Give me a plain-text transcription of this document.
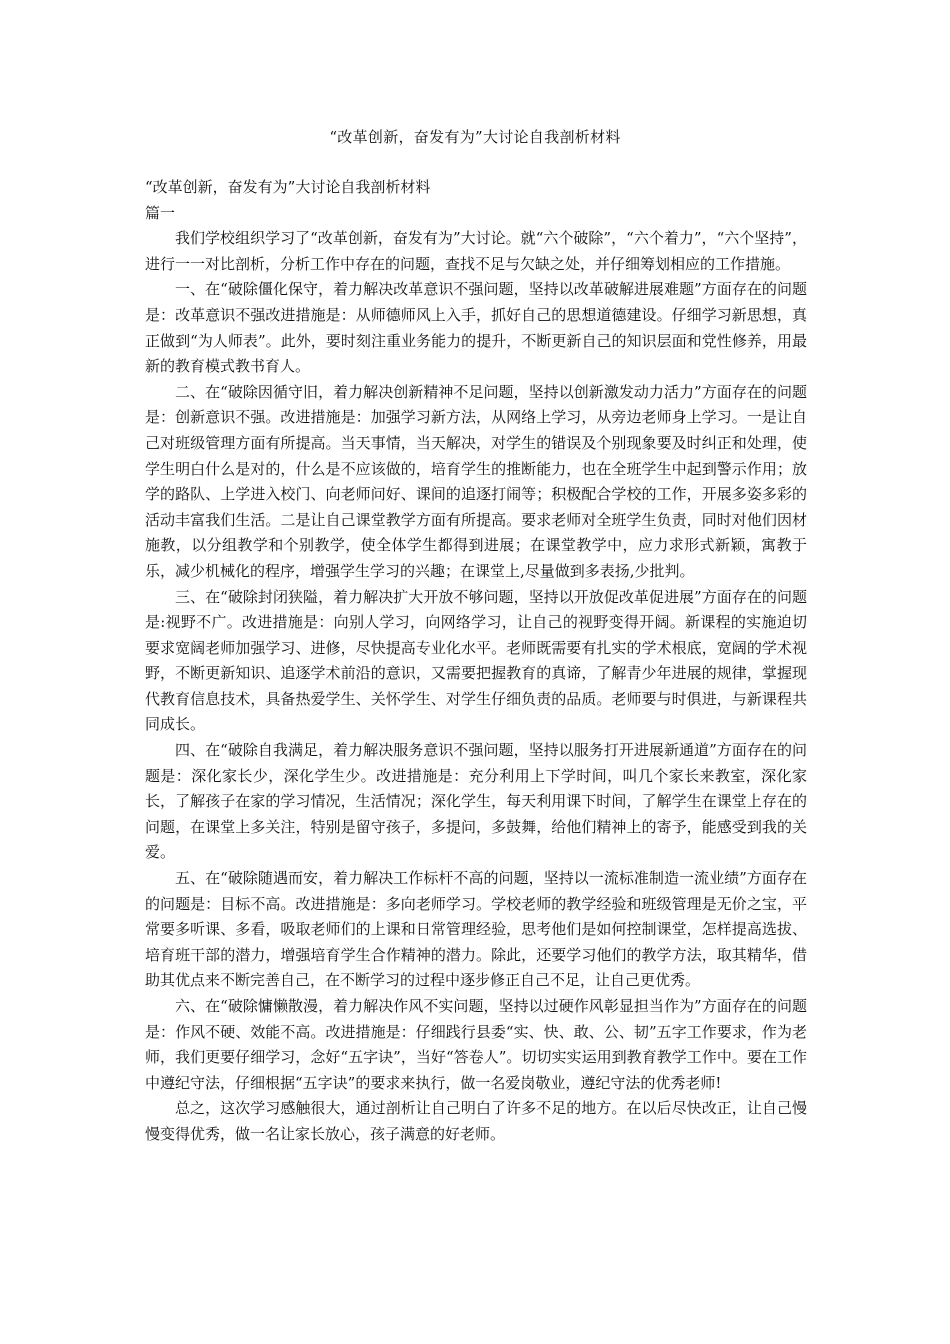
“改革创新，奋发有为”大讨论自我剖析材料

“改革创新，奋发有为”大讨论自我剖析材料

篇一

我们学校组织学习了“改革创新，奋发有为”大讨论。就“六个破除”，“六个着力”，“六个坚持”，进行一一对比剖析，分析工作中存在的问题，查找不足与欠缺之处，并仔细筹划相应的工作措施。

一、在“破除僵化保守，着力解决改革意识不强问题，坚持以改革破解进展难题”方面存在的问题是：改革意识不强改进措施是：从师德师风上入手，抓好自己的思想道德建设。仔细学习新思想，真正做到“为人师表”。此外，要时刻注重业务能力的提升，不断更新自己的知识层面和党性修养，用最新的教育模式教书育人。

二、在“破除因循守旧，着力解决创新精神不足问题，坚持以创新激发动力活力”方面存在的问题是：创新意识不强。改进措施是：加强学习新方法，从网络上学习，从旁边老师身上学习。一是让自己对班级管理方面有所提高。当天事情，当天解决，对学生的错误及个别现象要及时纠正和处理，使学生明白什么是对的，什么是不应该做的，培育学生的推断能力，也在全班学生中起到警示作用；放学的路队、上学进入校门、向老师问好、课间的追逐打闹等；积极配合学校的工作，开展多姿多彩的活动丰富我们生活。二是让自己课堂教学方面有所提高。要求老师对全班学生负责，同时对他们因材施教，以分组教学和个别教学，使全体学生都得到进展；在课堂教学中，应力求形式新颖，寓教于乐，减少机械化的程序，增强学生学习的兴趣；在课堂上,尽量做到多表扬,少批判。

三、在“破除封闭狭隘，着力解决扩大开放不够问题，坚持以开放促改革促进展”方面存在的问题是:视野不广。改进措施是：向别人学习，向网络学习，让自己的视野变得开阔。新课程的实施迫切要求宽阔老师加强学习、进修，尽快提高专业化水平。老师既需要有扎实的学术根底，宽阔的学术视野，不断更新知识、追逐学术前沿的意识，又需要把握教育的真谛，了解青少年进展的规律，掌握现代教育信息技术，具备热爱学生、关怀学生、对学生仔细负责的品质。老师要与时俱进，与新课程共同成长。

四、在“破除自我满足，着力解决服务意识不强问题，坚持以服务打开进展新通道”方面存在的问题是：深化家长少，深化学生少。改进措施是：充分利用上下学时间，叫几个家长来教室，深化家长，了解孩子在家的学习情况，生活情况；深化学生，每天利用课下时间，了解学生在课堂上存在的问题，在课堂上多关注，特别是留守孩子，多提问，多鼓舞，给他们精神上的寄予，能感受到我的关爱。

五、在“破除随遇而安，着力解决工作标杆不高的问题，坚持以一流标准制造一流业绩”方面存在的问题是：目标不高。改进措施是：多向老师学习。学校老师的教学经验和班级管理是无价之宝，平常要多听课、多看，吸取老师们的上课和日常管理经验，思考他们是如何控制课堂，怎样提高选拔、培育班干部的潜力，增强培育学生合作精神的潜力。除此，还要学习他们的教学方法，取其精华，借助其优点来不断完善自己，在不断学习的过程中逐步修正自己不足，让自己更优秀。

六、在“破除慵懒散漫，着力解决作风不实问题，坚持以过硬作风彰显担当作为”方面存在的问题是：作风不硬、效能不高。改进措施是：仔细践行县委“实、快、敢、公、韧”五字工作要求，作为老师，我们更要仔细学习，念好“五字诀”，当好“答卷人”。切切实实运用到教育教学工作中。要在工作中遵纪守法，仔细根据“五字诀”的要求来执行，做一名爱岗敬业，遵纪守法的优秀老师!

总之，这次学习感触很大，通过剖析让自己明白了许多不足的地方。在以后尽快改正，让自己慢慢变得优秀，做一名让家长放心，孩子满意的好老师。
